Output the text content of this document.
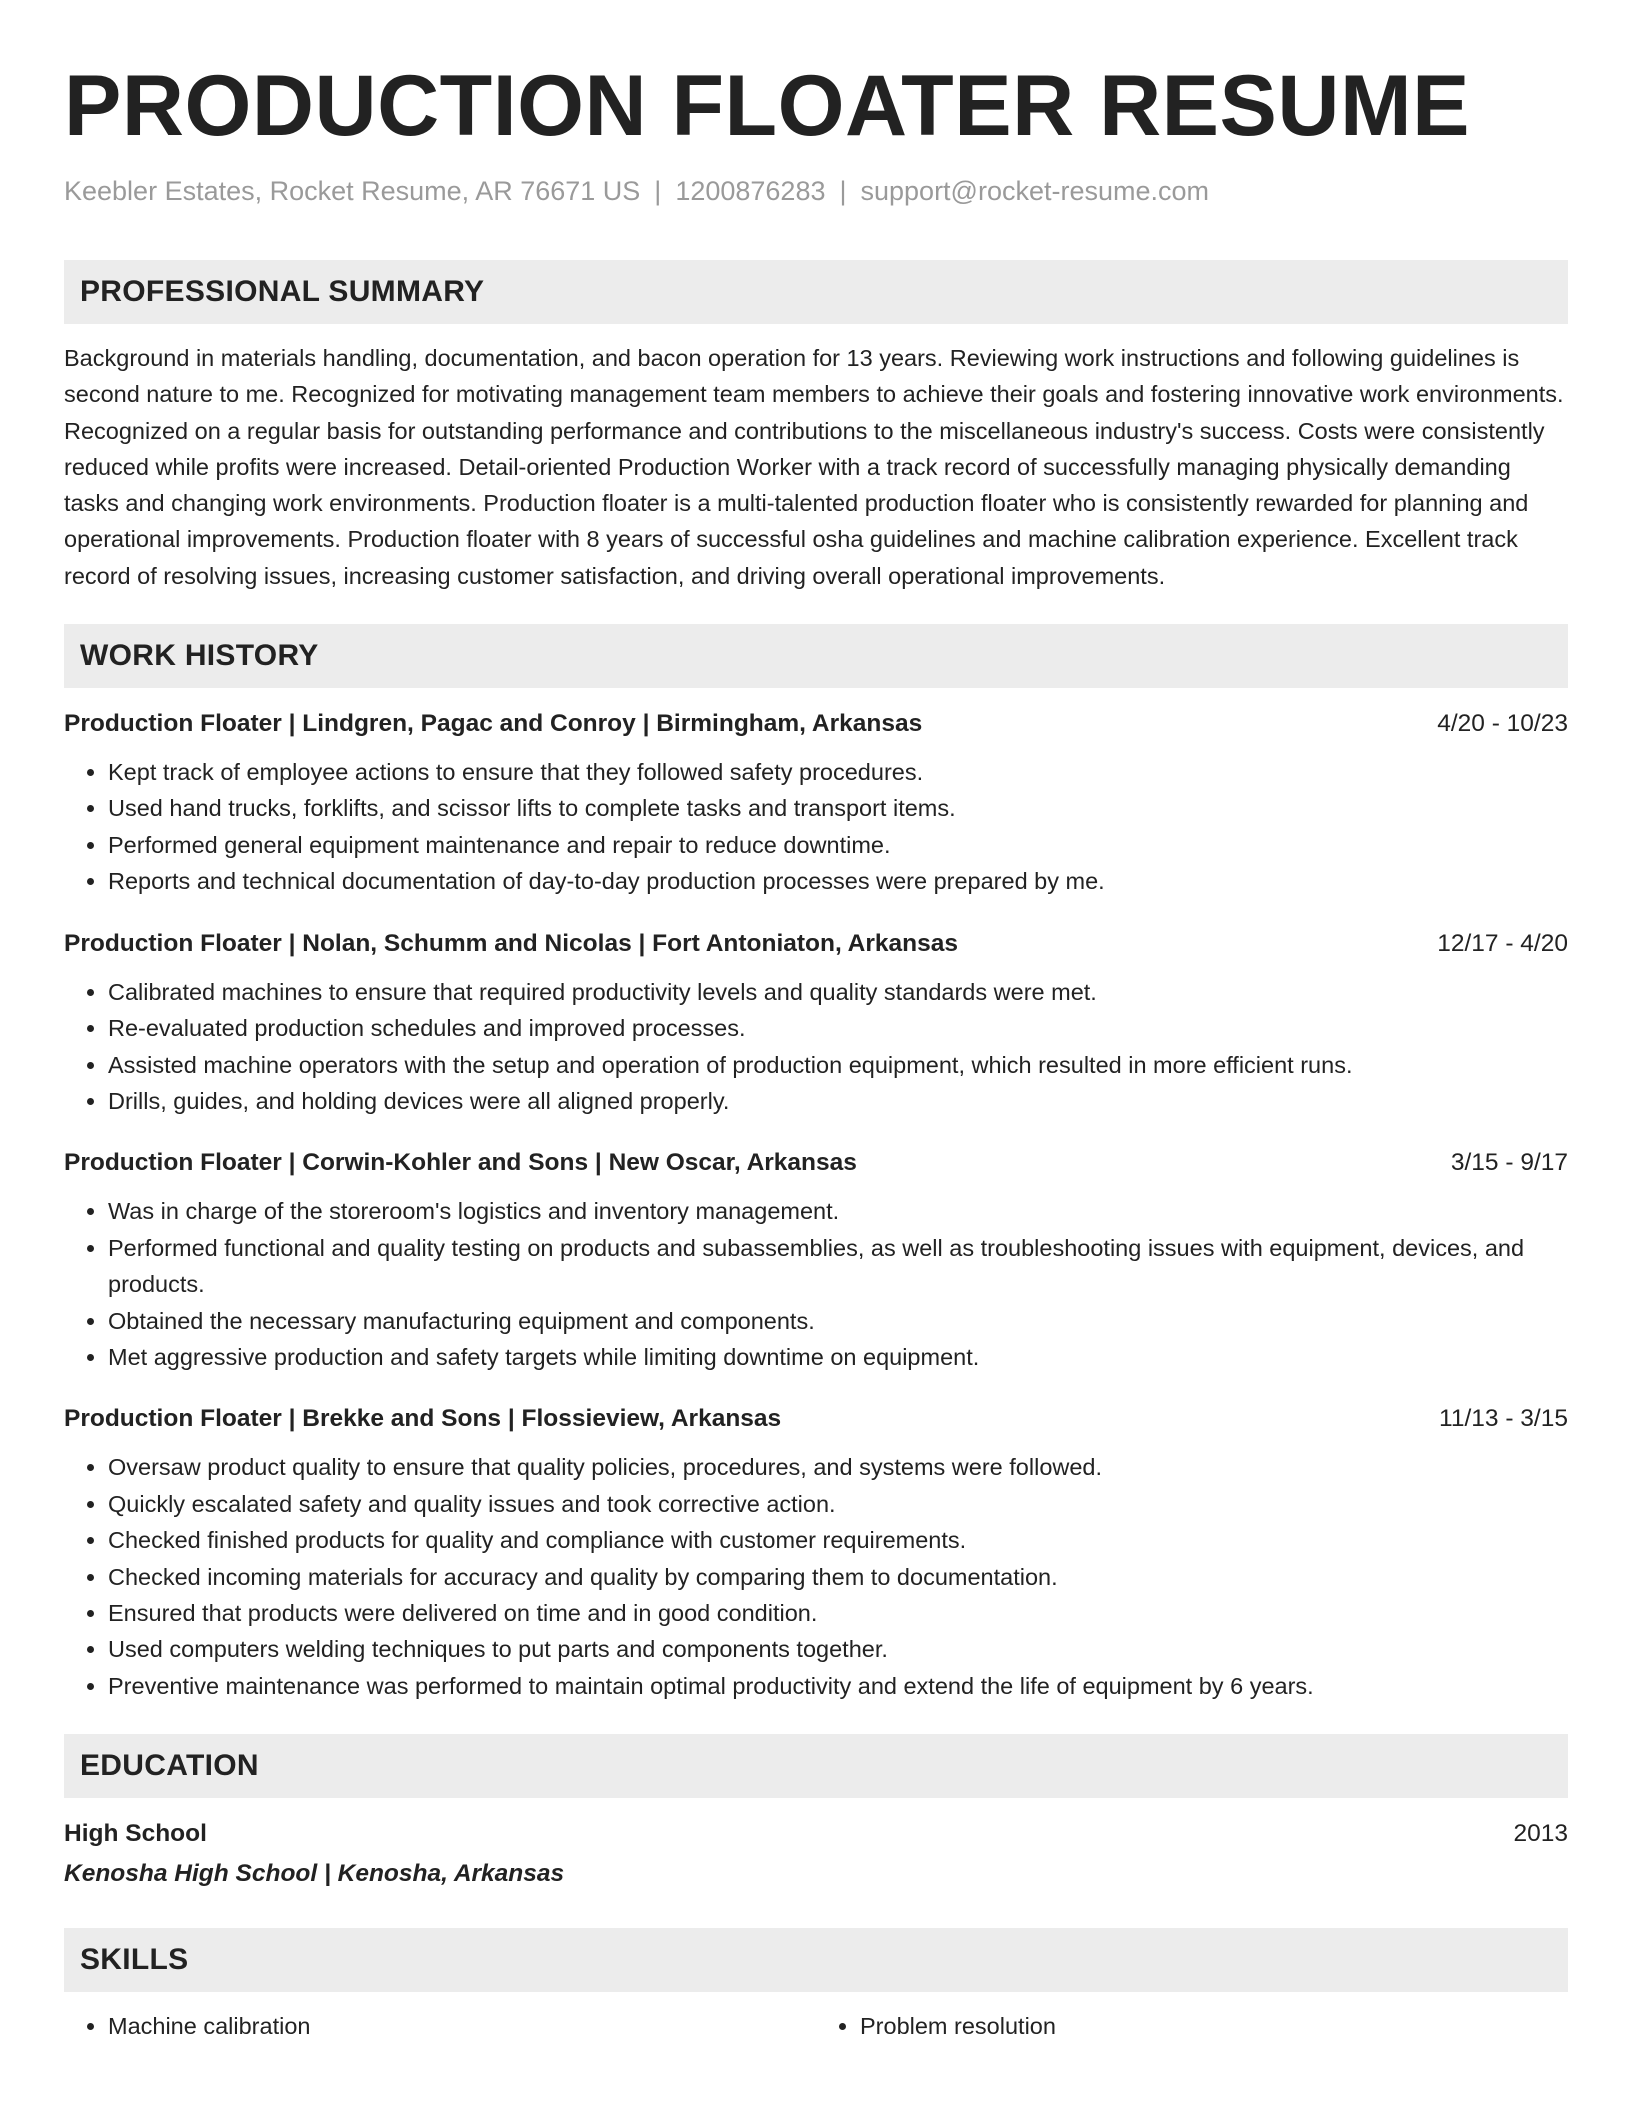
PRODUCTION FLOATER RESUME
Keebler Estates, Rocket Resume, AR 76671 US | 1200876283 | support@rocket-resume.com
PROFESSIONAL SUMMARY

Background in materials handling, documentation, and bacon operation for 13 years. Reviewing work instructions and following guidelines is second nature to me. Recognized for motivating management team members to achieve their goals and fostering innovative work environments. Recognized on a regular basis for outstanding performance and contributions to the miscellaneous industry's success. Costs were consistently reduced while profits were increased. Detail-oriented Production Worker with a track record of successfully managing physically demanding tasks and changing work environments. Production floater is a multi-talented production floater who is consistently rewarded for planning and operational improvements. Production floater with 8 years of successful osha guidelines and machine calibration experience. Excellent track record of resolving issues, increasing customer satisfaction, and driving overall operational improvements.

WORK HISTORY
Production Floater | Lindgren, Pagac and Conroy | Birmingham, Arkansas	4/20 - 10/23
• Kept track of employee actions to ensure that they followed safety procedures.
• Used hand trucks, forklifts, and scissor lifts to complete tasks and transport items.
• Performed general equipment maintenance and repair to reduce downtime.
• Reports and technical documentation of day-to-day production processes were prepared by me.
Production Floater | Nolan, Schumm and Nicolas | Fort Antoniaton, Arkansas	12/17 - 4/20
• Calibrated machines to ensure that required productivity levels and quality standards were met.
• Re-evaluated production schedules and improved processes.
• Assisted machine operators with the setup and operation of production equipment, which resulted in more efficient runs.
• Drills, guides, and holding devices were all aligned properly.
Production Floater | Corwin-Kohler and Sons | New Oscar, Arkansas	3/15 - 9/17
• Was in charge of the storeroom's logistics and inventory management.
• Performed functional and quality testing on products and subassemblies, as well as troubleshooting issues with equipment, devices, and products.
• Obtained the necessary manufacturing equipment and components.
• Met aggressive production and safety targets while limiting downtime on equipment.
Production Floater | Brekke and Sons | Flossieview, Arkansas	11/13 - 3/15
• Oversaw product quality to ensure that quality policies, procedures, and systems were followed.
• Quickly escalated safety and quality issues and took corrective action.
• Checked finished products for quality and compliance with customer requirements.
• Checked incoming materials for accuracy and quality by comparing them to documentation.
• Ensured that products were delivered on time and in good condition.
• Used computers welding techniques to put parts and components together.
• Preventive maintenance was performed to maintain optimal productivity and extend the life of equipment by 6 years.
EDUCATION
High School	2013
Kenosha High School | Kenosha, Arkansas
SKILLS
• Machine calibration
•	Problem resolution
